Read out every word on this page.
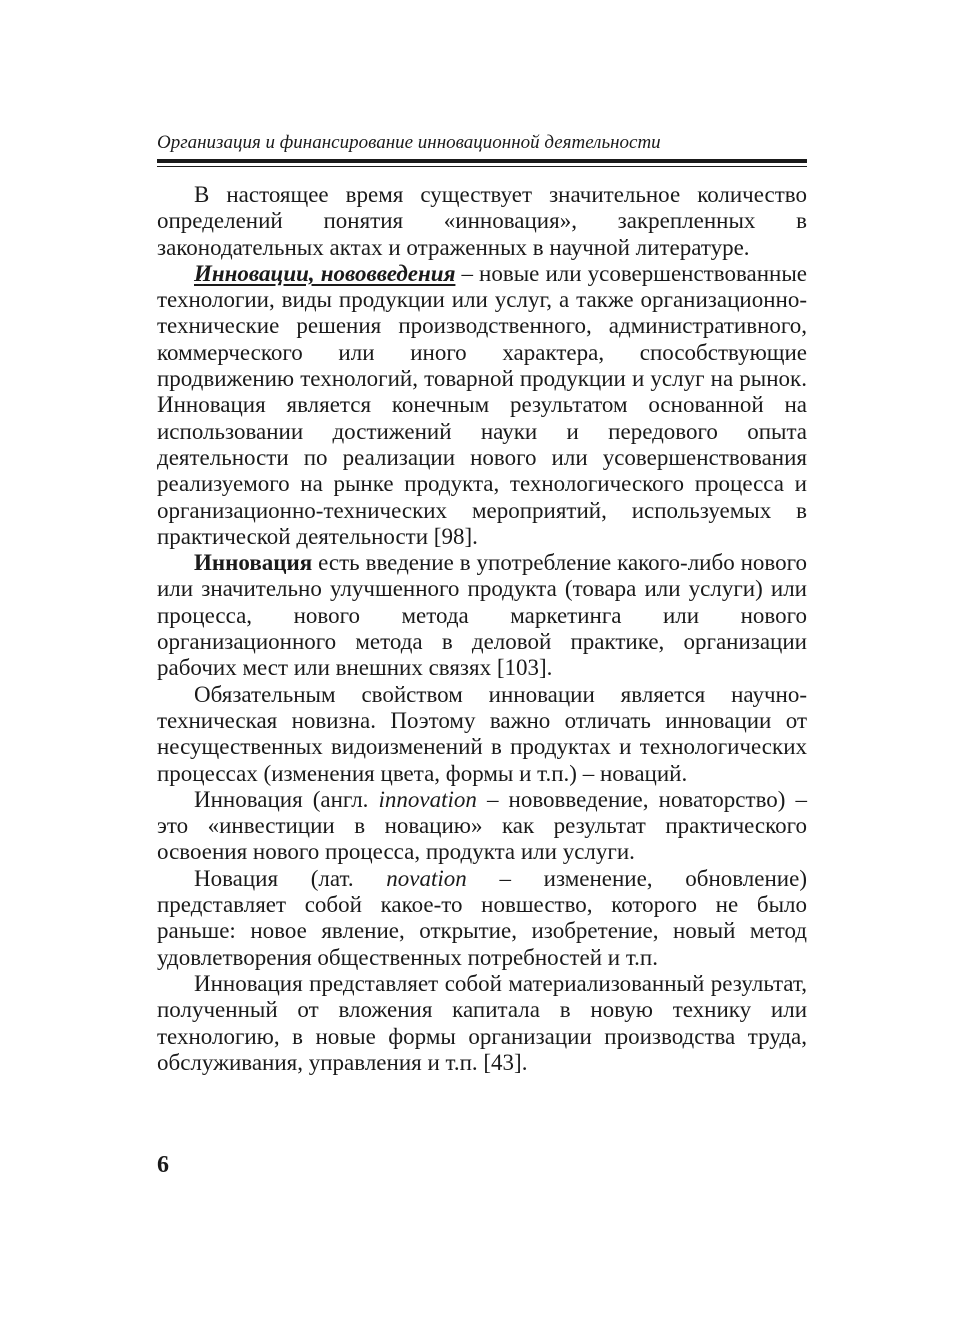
Организация и финансирование инновационной деятельности

В настоящее время существует значительное количество определений понятия «инновация», закрепленных в законодательных актах и отраженных в научной литературе.

Инновации, нововведения – новые или усовершенствованные технологии, виды продукции или услуг, а также организационно-технические решения производственного, административного, коммерческого или иного характера, способствующие продвижению технологий, товарной продукции и услуг на рынок. Инновация является конечным результатом основанной на использовании достижений науки и передового опыта деятельности по реализации нового или усовершенствования реализуемого на рынке продукта, технологического процесса и организационно-технических мероприятий, используемых в практической деятельности [98].

Инновация есть введение в употребление какого-либо нового или значительно улучшенного продукта (товара или услуги) или процесса, нового метода маркетинга или нового организационного метода в деловой практике, организации рабочих мест или внешних связях [103].

Обязательным свойством инновации является научно-техническая новизна. Поэтому важно отличать инновации от несущественных видоизменений в продуктах и технологических процессах (изменения цвета, формы и т.п.) – новаций.

Инновация (англ. innovation – нововведение, новаторство) – это «инвестиции в новацию» как результат практического освоения нового процесса, продукта или услуги.

Новация (лат. novation – изменение, обновление) представляет собой какое-то новшество, которого не было раньше: новое явление, открытие, изобретение, новый метод удовлетворения общественных потребностей и т.п.

Инновация представляет собой материализованный результат, полученный от вложения капитала в новую технику или технологию, в новые формы организации производства труда, обслуживания, управления и т.п. [43].

6
